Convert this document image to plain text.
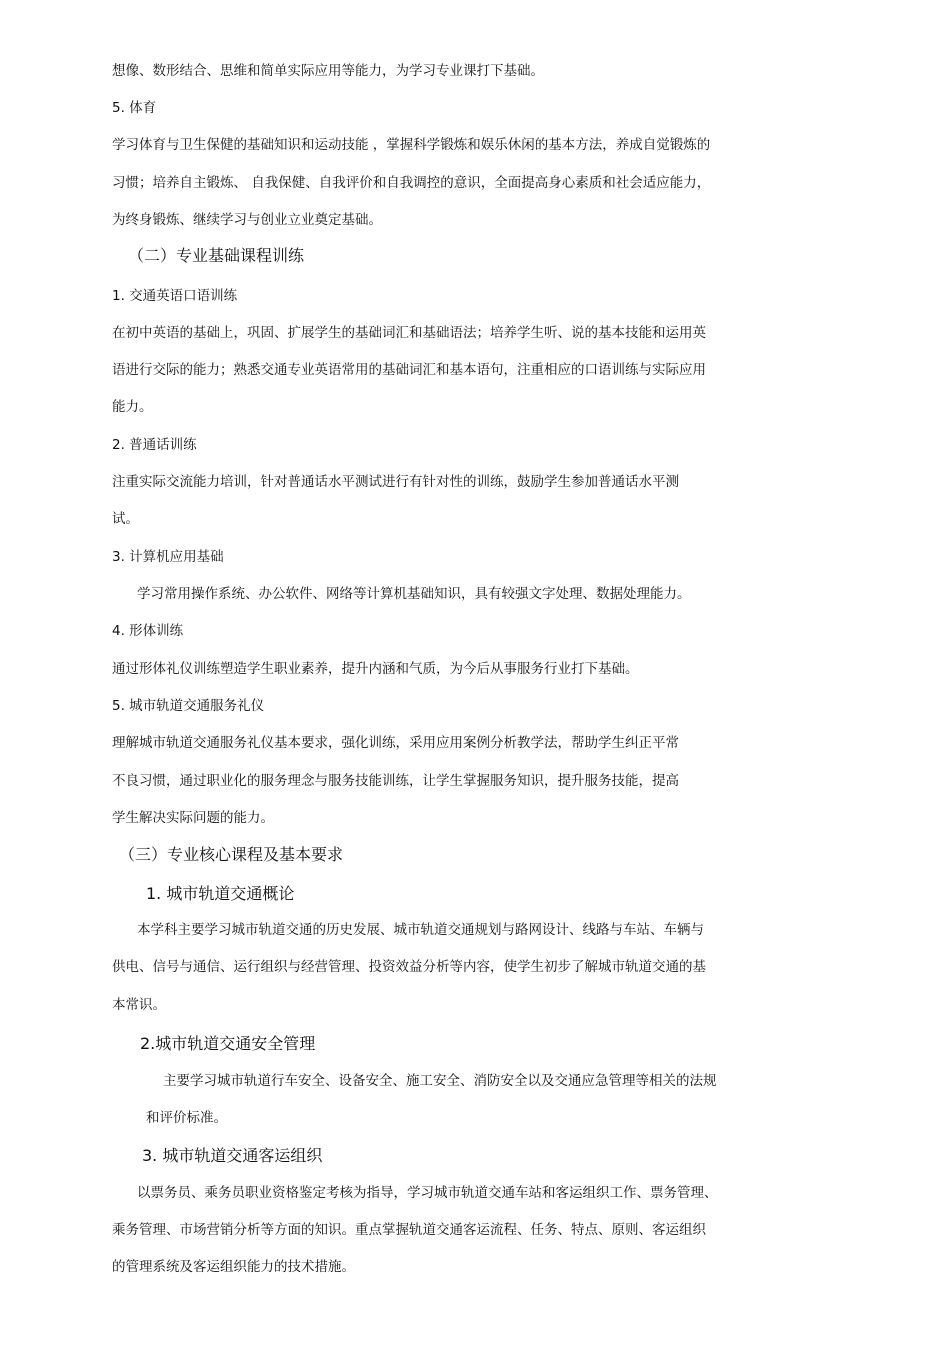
想像、数形结合、思维和简单实际应用等能力，为学习专业课打下基础。
5. 体育
学习体育与卫生保健的基础知识和运动技能 ，掌握科学锻炼和娱乐休闲的基本方法，养成自觉锻炼的
习惯；培养自主锻炼、 自我保健、自我评价和自我调控的意识，全面提高身心素质和社会适应能力，
为终身锻炼、继续学习与创业立业奠定基础。
（二）专业基础课程训练
1. 交通英语口语训练
在初中英语的基础上，巩固、扩展学生的基础词汇和基础语法；培养学生听、说的基本技能和运用英
语进行交际的能力；熟悉交通专业英语常用的基础词汇和基本语句，注重相应的口语训练与实际应用
能力。
2. 普通话训练
注重实际交流能力培训，针对普通话水平测试进行有针对性的训练，鼓励学生参加普通话水平测
试。
3. 计算机应用基础
学习常用操作系统、办公软件、网络等计算机基础知识，具有较强文字处理、数据处理能力。
4. 形体训练
通过形体礼仪训练塑造学生职业素养，提升内涵和气质，为今后从事服务行业打下基础。
5. 城市轨道交通服务礼仪
理解城市轨道交通服务礼仪基本要求，强化训练，采用应用案例分析教学法，帮助学生纠正平常
不良习惯，通过职业化的服务理念与服务技能训练，让学生掌握服务知识，提升服务技能，提高
学生解决实际问题的能力。
（三）专业核心课程及基本要求
1. 城市轨道交通概论
本学科主要学习城市轨道交通的历史发展、城市轨道交通规划与路网设计、线路与车站、车辆与
供电、信号与通信、运行组织与经营管理、投资效益分析等内容，使学生初步了解城市轨道交通的基
本常识。
2.城市轨道交通安全管理
主要学习城市轨道行车安全、设备安全、施工安全、消防安全以及交通应急管理等相关的法规
和评价标准。
3. 城市轨道交通客运组织
以票务员、乘务员职业资格鉴定考核为指导，学习城市轨道交通车站和客运组织工作、票务管理、
乘务管理、市场营销分析等方面的知识。重点掌握轨道交通客运流程、任务、特点、原则、客运组织
的管理系统及客运组织能力的技术措施。
